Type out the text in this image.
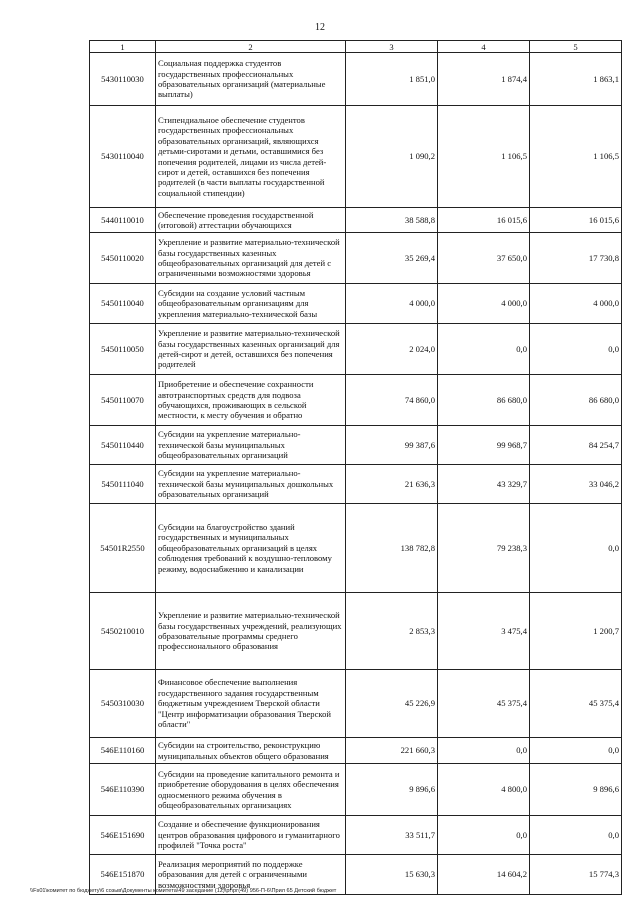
12
1	2	3	4	5
5430110030	Социальная поддержка студентов государственных профессиональных образовательных организаций (материальные выплаты)	1 851,0	1 874,4	1 863,1
5430110040	Стипендиальное обеспечение студентов государственных профессиональных образовательных организаций, являющихся детьми-сиротами и детьми, оставшимися без попечения родителей, лицами из числа детей-сирот и детей, оставшихся без попечения родителей (в части выплаты государственной социальной стипендии)	1 090,2	1 106,5	1 106,5
5440110010	Обеспечение проведения государственной (итоговой) аттестации обучающихся	38 588,8	16 015,6	16 015,6
5450110020	Укрепление и развитие материально-технической базы государственных казенных общеобразовательных организаций для детей с ограниченными возможностями здоровья	35 269,4	37 650,0	17 730,8
5450110040	Субсидии на создание условий частным общеобразовательным организациям для укрепления материально-технической базы	4 000,0	4 000,0	4 000,0
5450110050	Укрепление и развитие материально-технической базы государственных казенных организаций для детей-сирот и детей, оставшихся без попечения родителей	2 024,0	0,0	0,0
5450110070	Приобретение и обеспечение сохранности автотранспортных средств для подвоза обучающихся, проживающих в сельской местности, к месту обучения и обратно	74 860,0	86 680,0	86 680,0
5450110440	Субсидии на укрепление материально-технической базы муниципальных общеобразовательных организаций	99 387,6	99 968,7	84 254,7
5450111040	Субсидии на укрепление материально-технической базы муниципальных дошкольных образовательных организаций	21 636,3	43 329,7	33 046,2
54501R2550	Субсидии на благоустройство зданий государственных и муниципальных общеобразовательных организаций в целях соблюдения требований к воздушно-тепловому режиму, водоснабжению и канализации	138 782,8	79 238,3	0,0
5450210010	Укрепление и развитие материально-технической базы государственных учреждений, реализующих образовательные программы среднего профессионального образования	2 853,3	3 475,4	1 200,7
5450310030	Финансовое обеспечение выполнения государственного задания государственным бюджетным учреждением Тверской области "Центр информатизации образования Тверской области"	45 226,9	45 375,4	45 375,4
546E110160	Субсидии на строительство, реконструкцию муниципальных объектов общего образования	221 660,3	0,0	0,0
546E110390	Субсидии на проведение капитального ремонта и приобретение оборудования в целях обеспечения односменного режима обучения в общеобразовательных организациях	9 896,6	4 800,0	9 896,6
546E151690	Создание и обеспечение функционирования центров образования цифрового и гуманитарного профилей "Точка роста"	33 511,7	0,0	0,0
546E151870	Реализация мероприятий по поддержке образования для детей с ограниченными возможностями здоровья	15 630,3	14 604,2	15 774,3
\\Fs01\комитет по бюджету\6 созыв\Документы комитета\49 заседание (12)\рг\рг(49) 956-П-6\Прил 65 Детский бюджет
